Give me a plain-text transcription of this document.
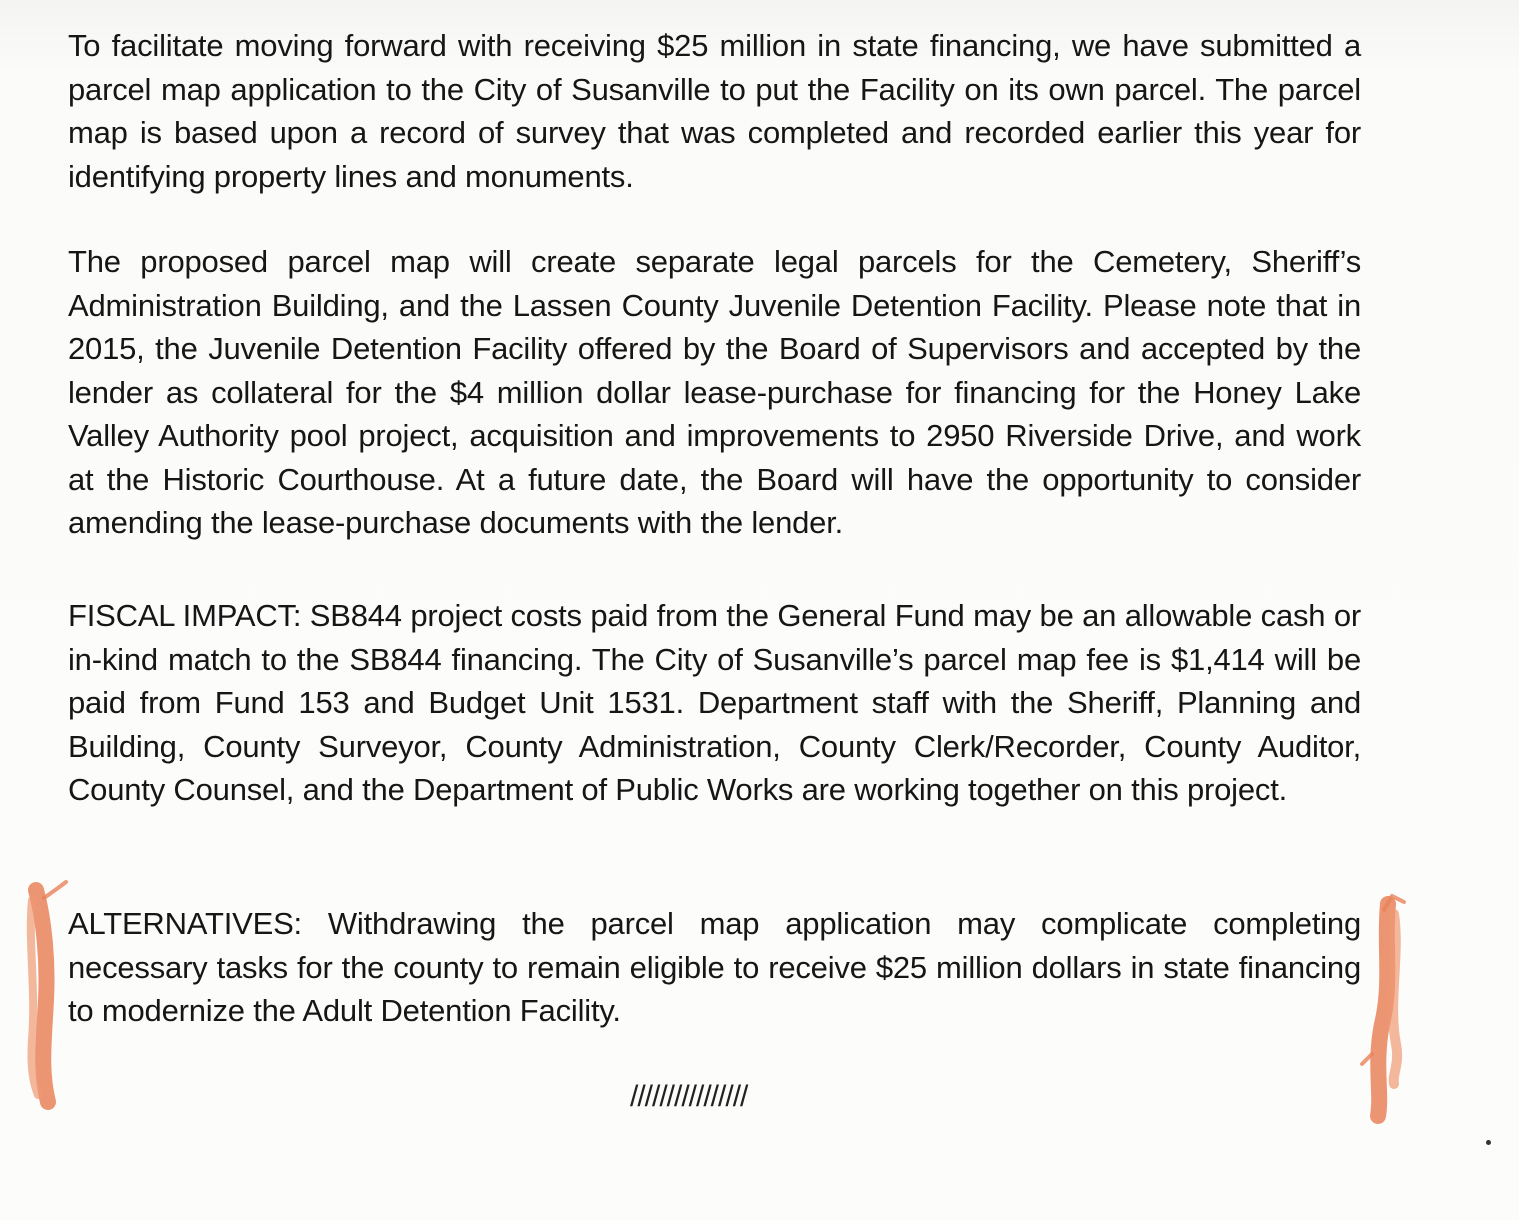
To facilitate moving forward with receiving $25 million in state financing, we have submitted a parcel map application to the City of Susanville to put the Facility on its own parcel. The parcel map is based upon a record of survey that was completed and recorded earlier this year for identifying property lines and monuments.

The proposed parcel map will create separate legal parcels for the Cemetery, Sheriff’s Administration Building, and the Lassen County Juvenile Detention Facility. Please note that in 2015, the Juvenile Detention Facility offered by the Board of Supervisors and accepted by the lender as collateral for the $4 million dollar lease-purchase for financing for the Honey Lake Valley Authority pool project, acquisition and improvements to 2950 Riverside Drive, and work at the Historic Courthouse. At a future date, the Board will have the opportunity to consider amending the lease-purchase documents with the lender.

FISCAL IMPACT: SB844 project costs paid from the General Fund may be an allowable cash or in-kind match to the SB844 financing. The City of Susanville’s parcel map fee is $1,414 will be paid from Fund 153 and Budget Unit 1531. Department staff with the Sheriff, Planning and Building, County Surveyor, County Administration, County Clerk/Recorder, County Auditor, County Counsel, and the Department of Public Works are working together on this project.

ALTERNATIVES: Withdrawing the parcel map application may complicate completing necessary tasks for the county to remain eligible to receive $25 million dollars in state financing to modernize the Adult Detention Facility.

////////////////
